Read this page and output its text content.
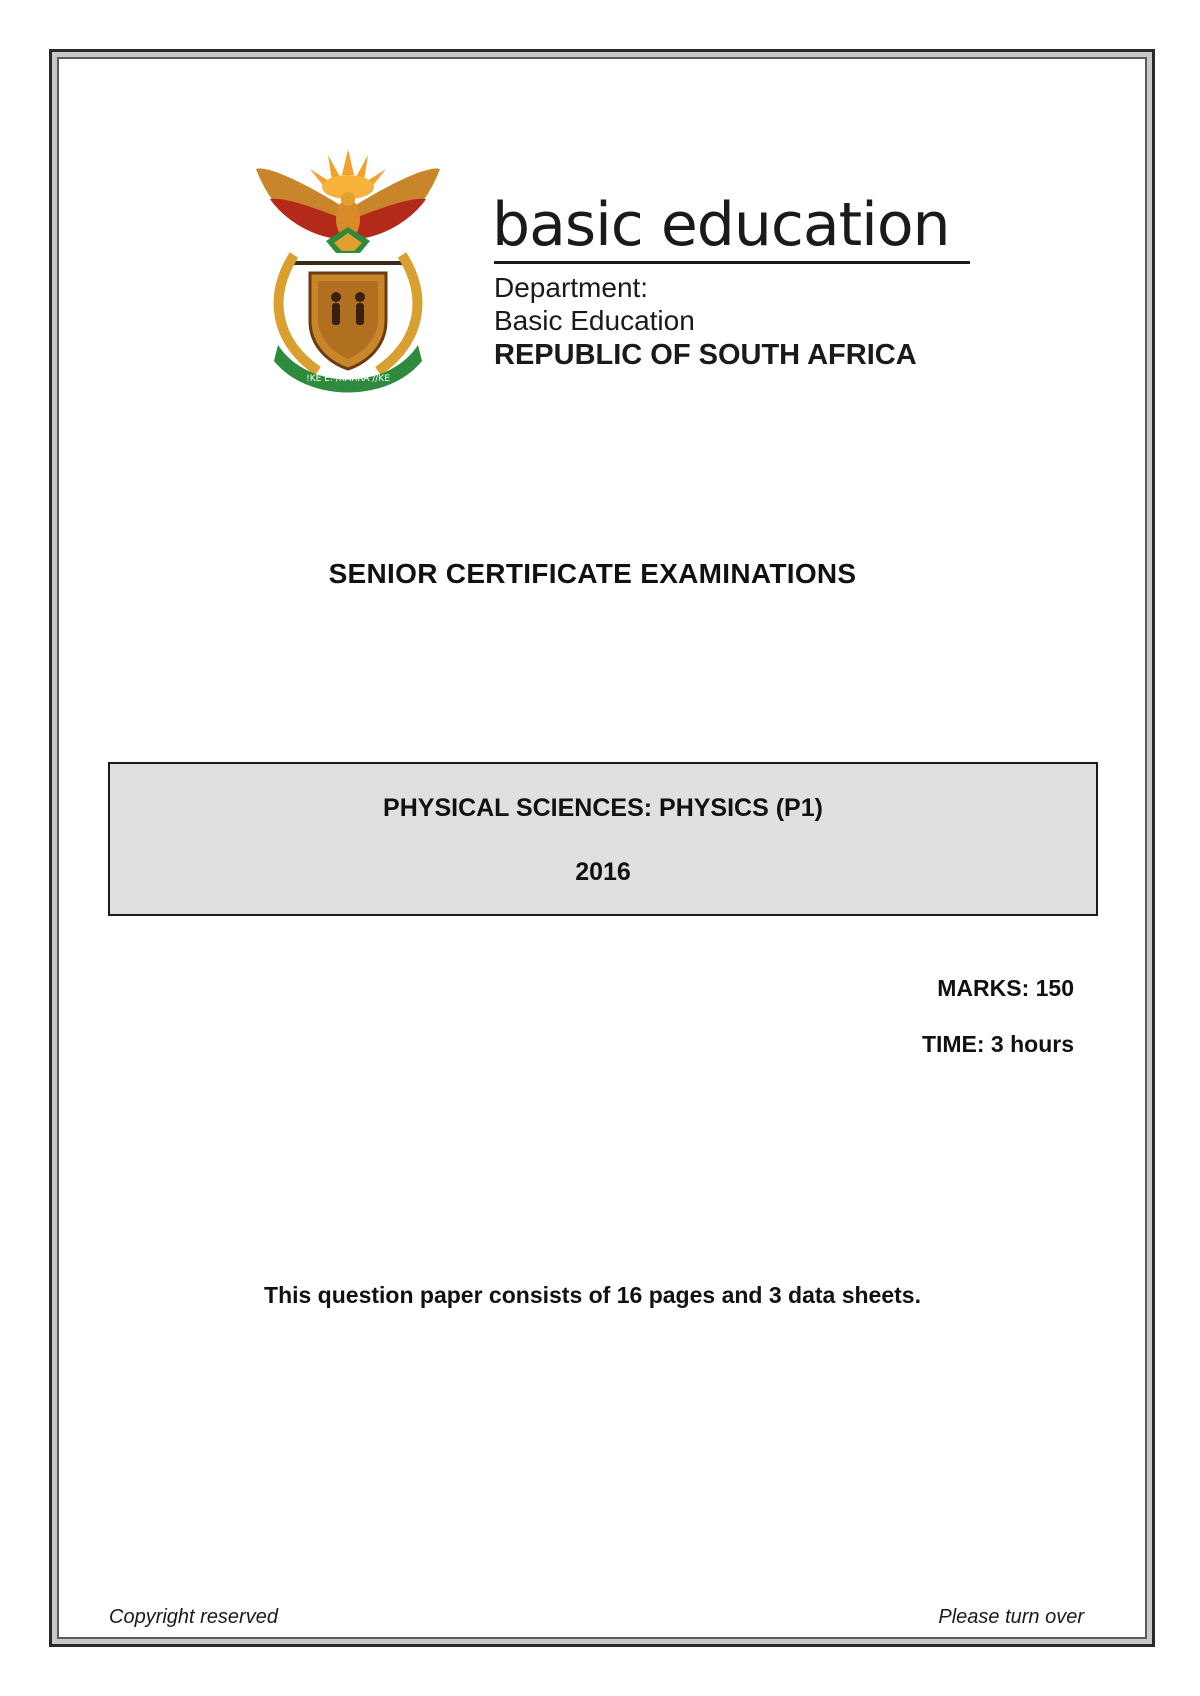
!KE E: /XARRA //KE
basic education
Department:
Basic Education
REPUBLIC OF SOUTH AFRICA
SENIOR CERTIFICATE EXAMINATIONS
PHYSICAL SCIENCES: PHYSICS (P1)
2016
MARKS: 150
TIME: 3 hours
This question paper consists of 16 pages and 3 data sheets.
Copyright reserved	Please turn over
